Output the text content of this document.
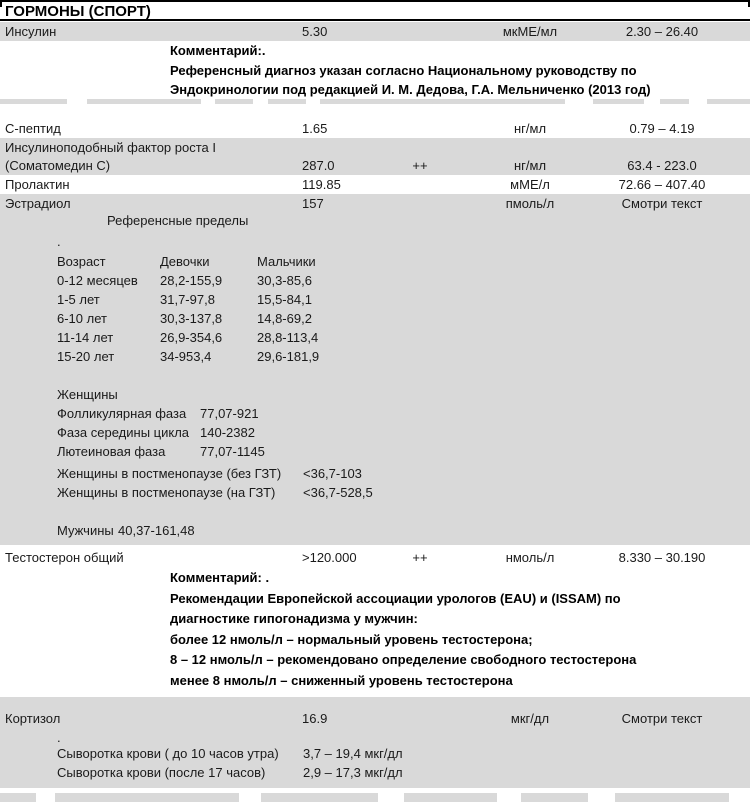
ГОРМОНЫ (СПОРТ)
Инсулин	5.30	мкМЕ/мл	2.30 – 26.40
Комментарий:.
Референсный диагноз указан согласно Национальному руководству по
Эндокринологии под редакцией И. М. Дедова, Г.А. Мельниченко (2013 год)
С-пептид	1.65	нг/мл	0.79 – 4.19
Инсулиноподобный фактор роста I
(Соматомедин С)	287.0	++	нг/мл	63.4 - 223.0
Пролактин	119.85	мМЕ/л	72.66 – 407.40
Эстрадиол	157	пмоль/л	Смотри текст
Референсные пределы
.
Возраст	Девочки	Мальчики
0-12 месяцев	28,2-155,9	30,3-85,6
1-5 лет	31,7-97,8	15,5-84,1
6-10 лет	30,3-137,8	14,8-69,2
11-14 лет	26,9-354,6	28,8-113,4
15-20 лет	34-953,4	29,6-181,9
Женщины
Фолликулярная фаза	77,07-921
Фаза середины цикла 140-2382
Лютеиновая фаза	77,07-1145
Женщины в постменопаузе (без ГЗТ)	<36,7-103
Женщины в постменопаузе (на ГЗТ)	<36,7-528,5
Мужчины 40,37-161,48
Тестостерон общий	>120.000	++	нмоль/л	8.330 – 30.190
Комментарий: .
Рекомендации Европейской ассоциации урологов (EAU) и (ISSAM) по
диагностике гипогонадизма у мужчин:
более 12 нмоль/л – нормальный уровень тестостерона;
8 – 12 нмоль/л – рекомендовано определение свободного тестостерона
менее 8 нмоль/л – сниженный уровень тестостерона
Кортизол	16.9	мкг/дл	Смотри текст
.
Сыворотка крови ( до 10 часов утра)	3,7 – 19,4 мкг/дл
Сыворотка крови (после 17 часов)	2,9 – 17,3 мкг/дл
